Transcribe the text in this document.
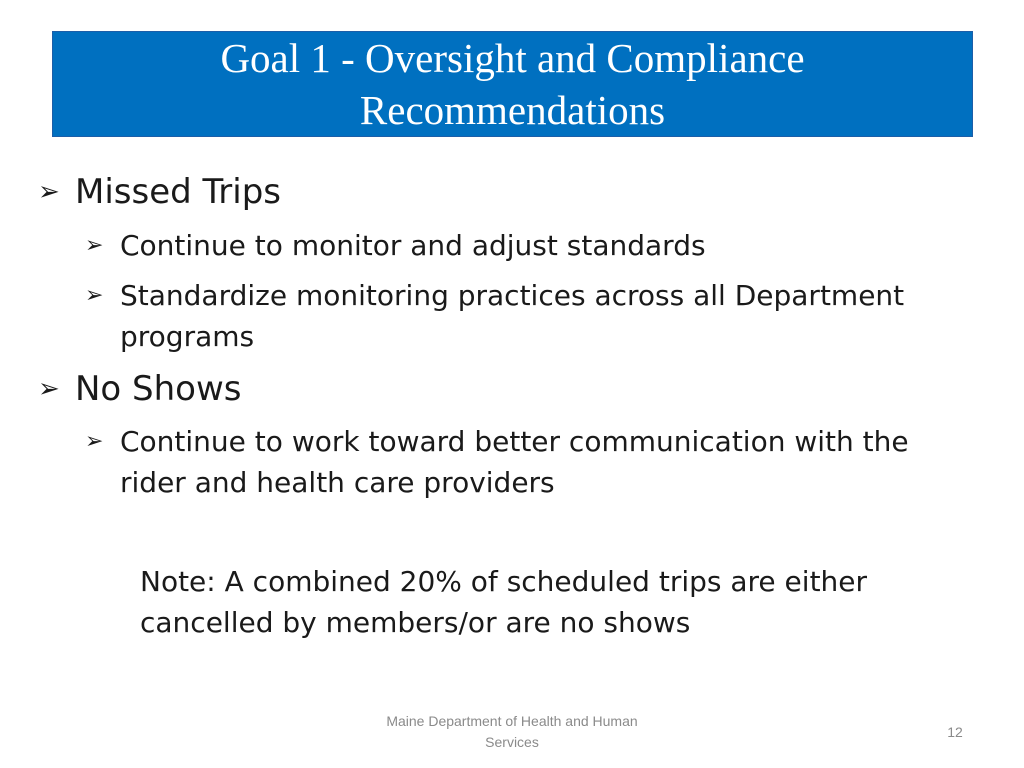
Goal 1 - Oversight and Compliance Recommendations
➢ Missed Trips
➢ Continue to monitor and adjust standards
➢ Standardize monitoring practices across all Department programs
➢ No Shows
➢ Continue to work toward better communication with the rider and health care providers
Note: A combined 20% of scheduled trips are either cancelled by members/or are no shows
Maine Department of Health and Human Services
12
